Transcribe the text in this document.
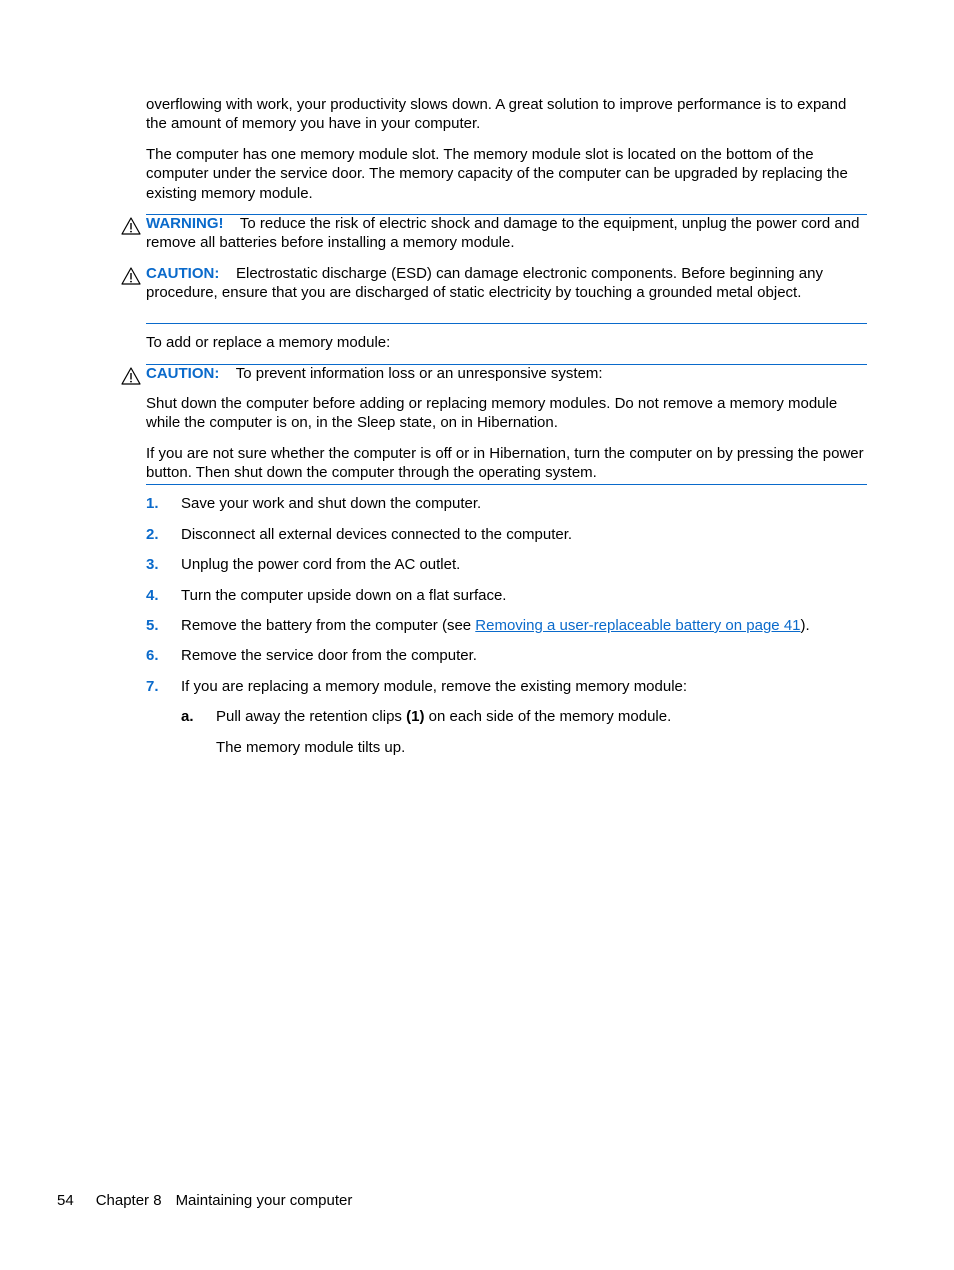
overflowing with work, your productivity slows down. A great solution to improve performance is to expand the amount of memory you have in your computer.

The computer has one memory module slot. The memory module slot is located on the bottom of the computer under the service door. The memory capacity of the computer can be upgraded by replacing the existing memory module.

WARNING! To reduce the risk of electric shock and damage to the equipment, unplug the power cord and remove all batteries before installing a memory module.
CAUTION: Electrostatic discharge (ESD) can damage electronic components. Before beginning any procedure, ensure that you are discharged of static electricity by touching a grounded metal object.

To add or replace a memory module:

CAUTION: To prevent information loss or an unresponsive system:

Shut down the computer before adding or replacing memory modules. Do not remove a memory module while the computer is on, in the Sleep state, on in Hibernation.

If you are not sure whether the computer is off or in Hibernation, turn the computer on by pressing the power button. Then shut down the computer through the operating system.

1. Save your work and shut down the computer.
2. Disconnect all external devices connected to the computer.
3. Unplug the power cord from the AC outlet.
4. Turn the computer upside down on a flat surface.
5. Remove the battery from the computer (see Removing a user-replaceable battery on page 41).
6. Remove the service door from the computer.
7. If you are replacing a memory module, remove the existing memory module:
a. Pull away the retention clips (1) on each side of the memory module.

The memory module tilts up.

54 Chapter 8 Maintaining your computer
